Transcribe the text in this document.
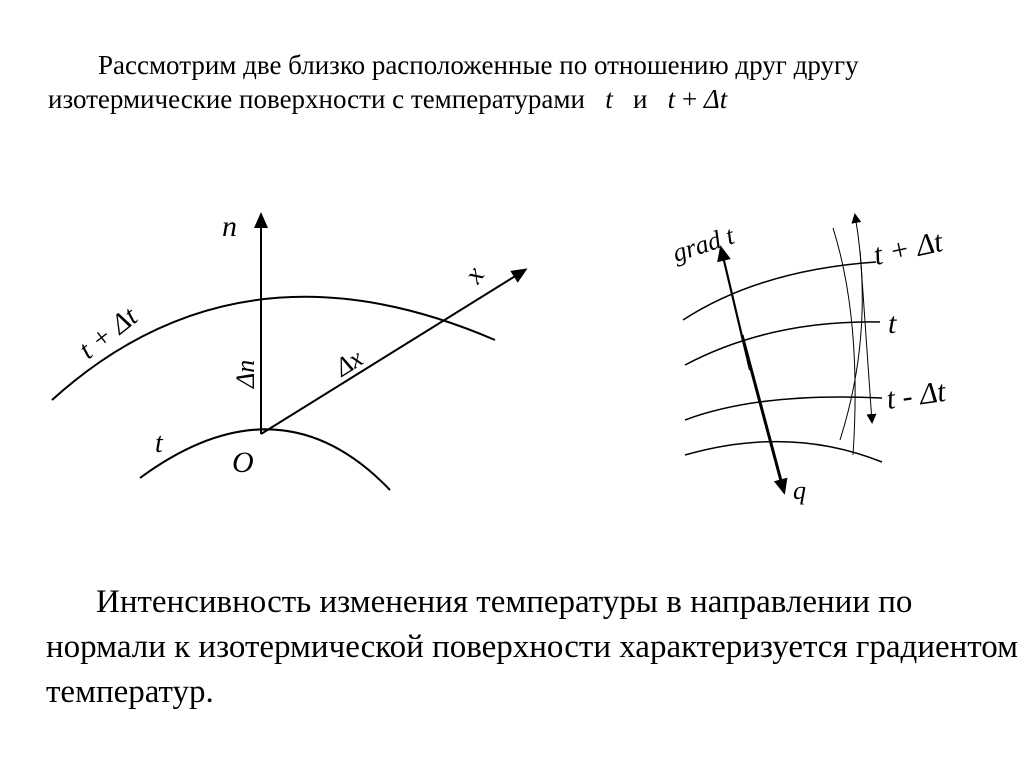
Рассмотрим две близко расположенные по отношению друг другу изотермические поверхности с температурами t и t + Δt

n
Δn
x
Δx
t + Δt
t
O
grad t	t + Δt
t
t - Δt
q

Интенсивность изменения температуры в направлении по нормали к изотермической поверхности характеризуется градиентом температур.
